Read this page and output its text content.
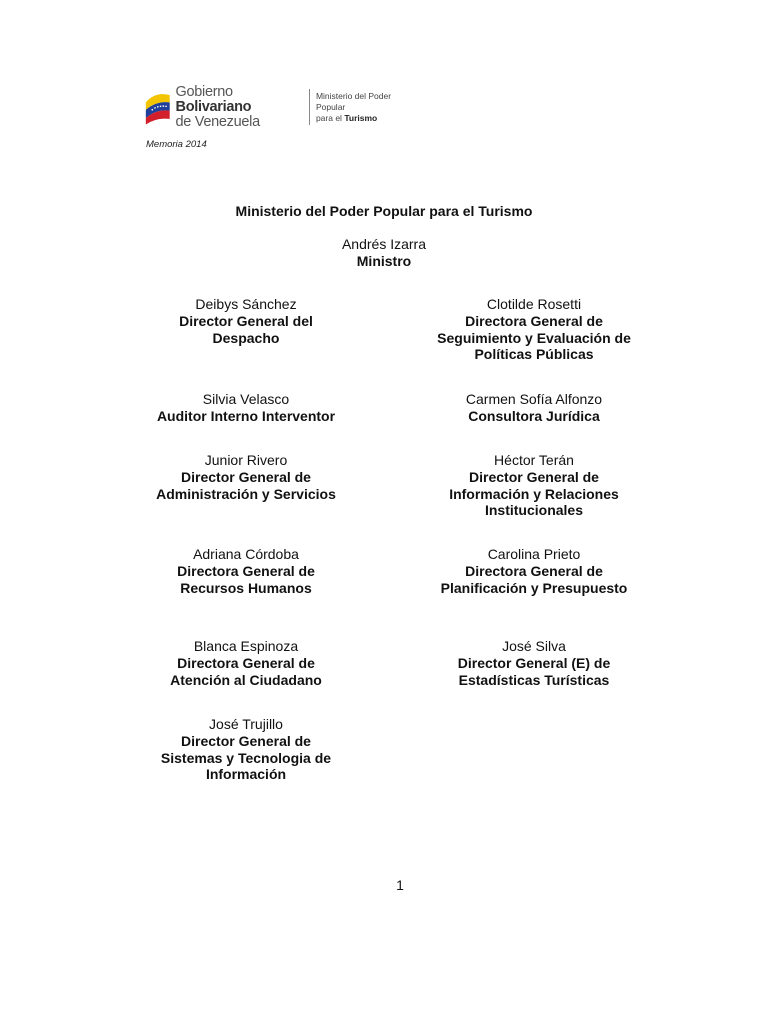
Gobierno Bolivariano
de Venezuela
Ministerio del Poder Popular
para el Turismo
Memoria 2014
Ministerio del Poder Popular para el Turismo
Andrés Izarra
Ministro
Deibys Sánchez
Director General del
Despacho
Silvia Velasco
Auditor Interno Interventor
Junior Rivero
Director General de
Administración y Servicios
Adriana Córdoba
Directora General de
Recursos Humanos
Blanca Espinoza
Directora General de
Atención al Ciudadano
José Trujillo
Director General de
Sistemas y Tecnologia de
Información
Clotilde Rosetti
Directora General de
Seguimiento y Evaluación de
Políticas Públicas
Carmen Sofía Alfonzo
Consultora Jurídica
Héctor Terán
Director General de
Información y Relaciones
Institucionales
Carolina Prieto
Directora General de
Planificación y Presupuesto
José Silva
Director General (E) de
Estadísticas Turísticas
1
